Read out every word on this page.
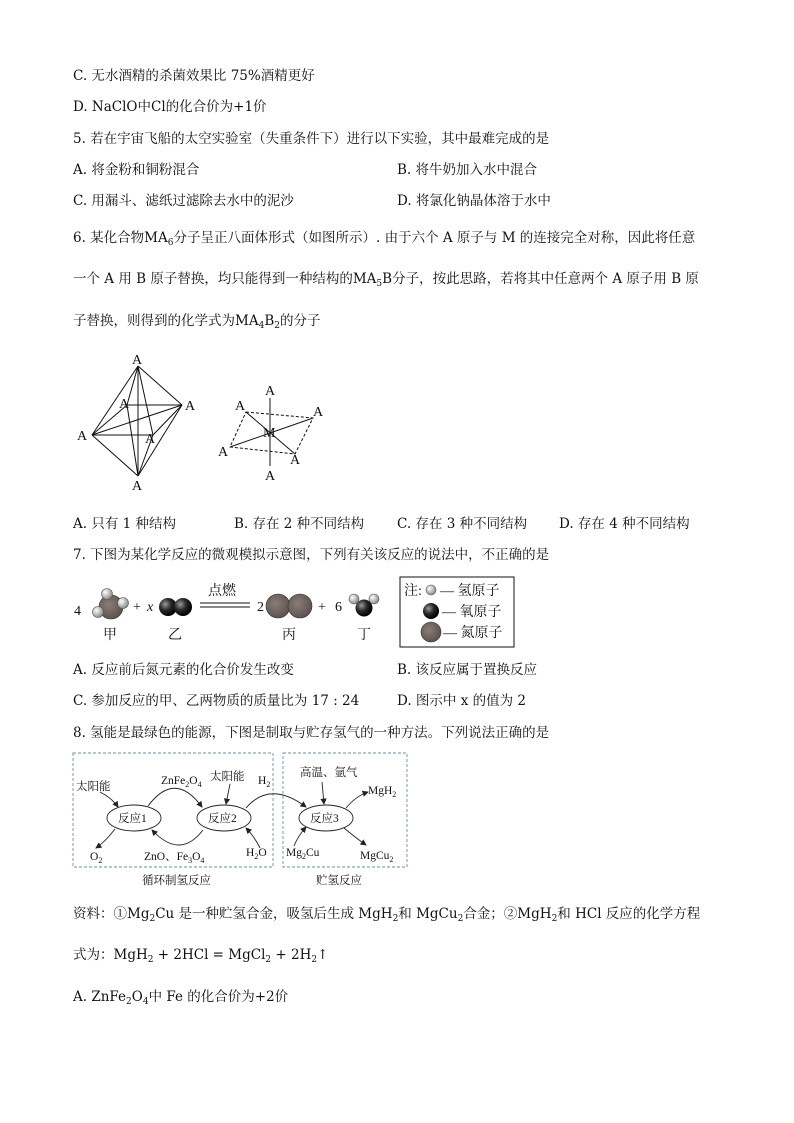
C. 无水酒精的杀菌效果比 75%酒精更好
D. NaClO中Cl的化合价为+1价
5. 若在宇宙飞船的太空实验室（失重条件下）进行以下实验，其中最难完成的是
A. 将金粉和铜粉混合	B. 将牛奶加入水中混合
C. 用漏斗、滤纸过滤除去水中的泥沙	D. 将氯化钠晶体溶于水中
6. 某化合物$MA_6$分子呈正八面体形式（如图所示）. 由于六个 A 原子与 M 的连接完全对称，因此将任意
一个 A 用 B 原子替换，均只能得到一种结构的$MA_5B$分子，按此思路，若将其中任意两个 A 原子用 B 原
子替换，则得到的化学式为$MA_4B_2$的分子
A
A
A
A	A
A
A
A
A	A
A
A
M
A. 只有 1 种结构	B. 存在 2 种不同结构 C. 存在 3 种不同结构 D. 存在 4 种不同结构
7. 下图为某化学反应的微观模拟示意图，下列有关该反应的说法中，不正确的是
4
甲
+ x
乙
点燃
2
丙
+ 6
丁
注: — 氢原子
— 氧原子
— 氮原子
A. 反应前后氮元素的化合价发生改变	B. 该反应属于置换反应
C. 参加反应的甲、乙两物质的质量比为 17 : 24	D. 图示中 x 的值为 2
8. 氢能是最绿色的能源，下图是制取与贮存氢气的一种方法。下列说法正确的是
太阳能	$ZnFe_2O_4$
太阳能 $H_2$
反应1	反应2	反应3
$O_2$	ZnO、$Fe_3O_4$
$H_2O$
高温、氩气
MgH$_2$
$Mg_2Cu$	MgCu$_2$
循环制氢反应	贮氢反应
资料：$①Mg_2Cu$ 是一种贮氢合金，吸氢后生成 MgH$_2$和 MgCu$_2$合金；②MgH$_2$和 HCl 反应的化学方程
式为：MgH$_2$ + 2HCl = MgCl$_2$ + $2H_2↑$
A. $ZnFe_2O_4$中 Fe 的化合价为+2价
